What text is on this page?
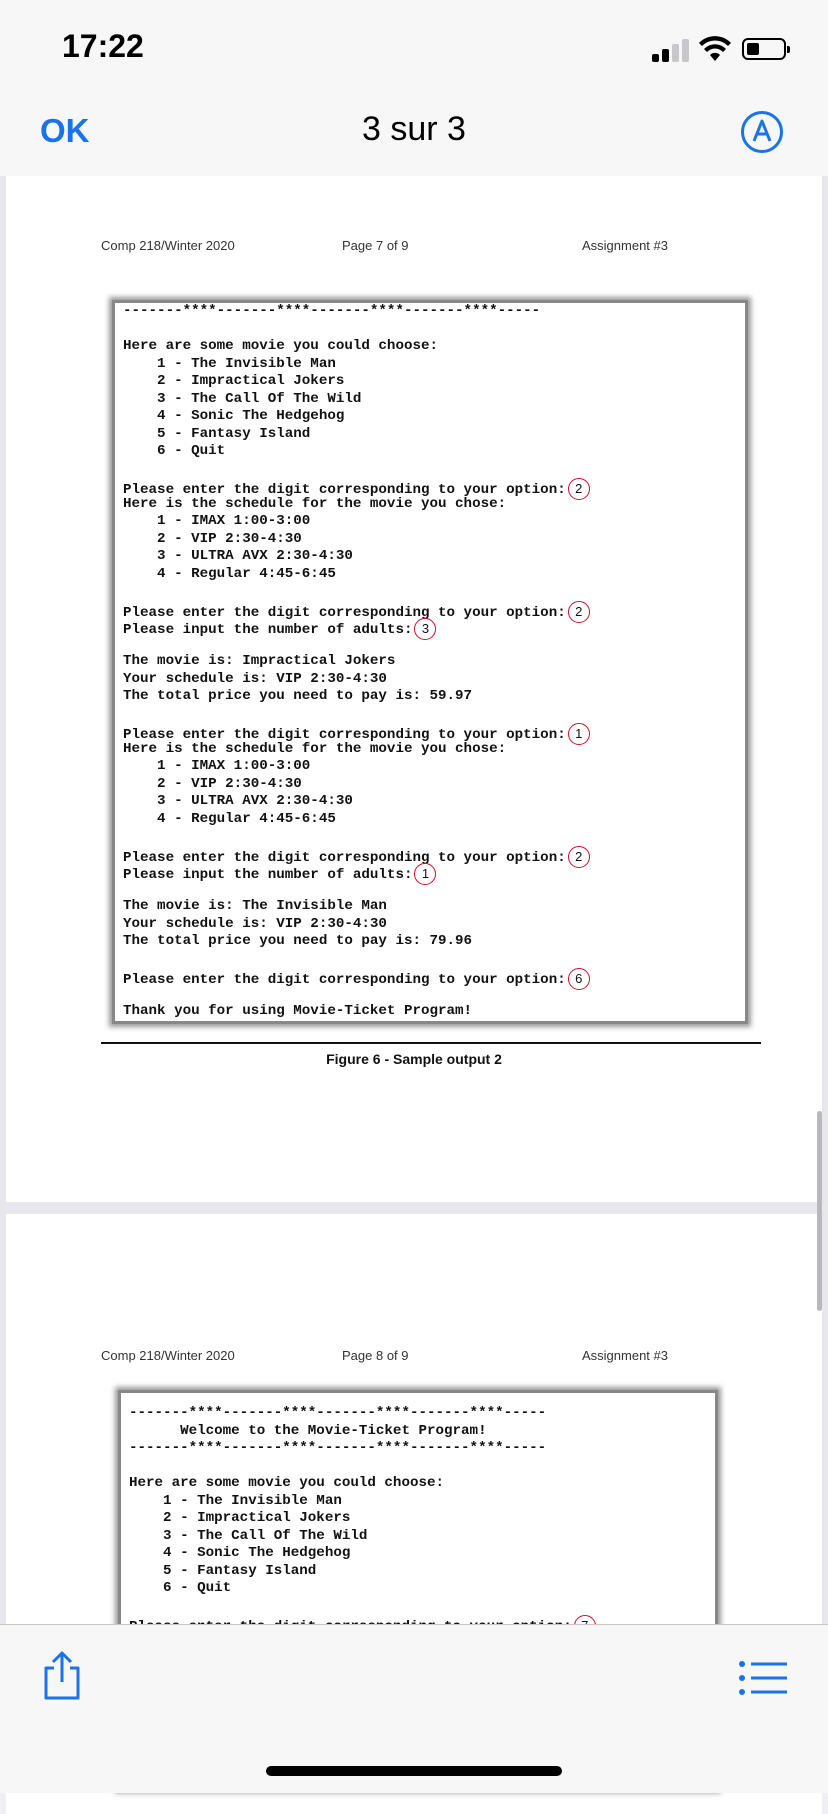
17:22
OK	3 sur 3
Comp 218/Winter 2020	Page 7 of 9	Assignment #3
-------****-------****-------****-------****-----
Here are some movie you could choose:
1 - The Invisible Man
2 - Impractical Jokers
3 - The Call Of The Wild
4 - Sonic The Hedgehog
5 - Fantasy Island
6 - Quit
Please enter the digit corresponding to your option: 2
Here is the schedule for the movie you chose:
1 - IMAX 1:00-3:00
2 - VIP 2:30-4:30
3 - ULTRA AVX 2:30-4:30
4 - Regular 4:45-6:45
Please enter the digit corresponding to your option: 2
Please input the number of adults: 3
The movie is: Impractical Jokers
Your schedule is: VIP 2:30-4:30
The total price you need to pay is: 59.97
Please enter the digit corresponding to your option: 1
Here is the schedule for the movie you chose:
1 - IMAX 1:00-3:00
2 - VIP 2:30-4:30
3 - ULTRA AVX 2:30-4:30
4 - Regular 4:45-6:45
Please enter the digit corresponding to your option: 2
Please input the number of adults: 1
The movie is: The Invisible Man
Your schedule is: VIP 2:30-4:30
The total price you need to pay is: 79.96
Please enter the digit corresponding to your option: 6
Thank you for using Movie-Ticket Program!
Figure 6 - Sample output 2
Comp 218/Winter 2020	Page 8 of 9	Assignment #3
-------****-------****-------****-------****-----
Welcome to the Movie-Ticket Program!
-------****-------****-------****-------****-----
Here are some movie you could choose:
1 - The Invisible Man
2 - Impractical Jokers
3 - The Call Of The Wild
4 - Sonic The Hedgehog
5 - Fantasy Island
6 - Quit
